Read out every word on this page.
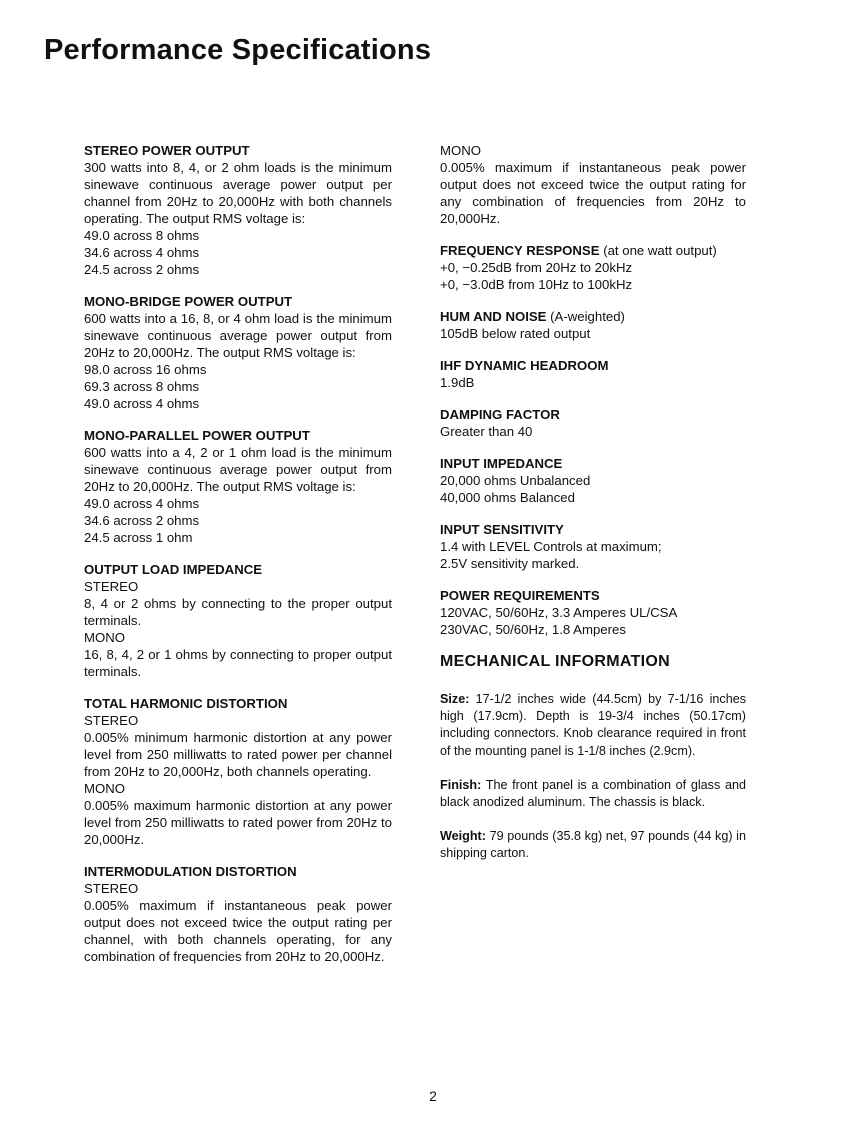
Performance Specifications
STEREO POWER OUTPUT
300 watts into 8, 4, or 2 ohm loads is the minimum sinewave continuous average power output per channel from 20Hz to 20,000Hz with both channels operating. The output RMS voltage is:
49.0 across 8 ohms
34.6 across 4 ohms
24.5 across 2 ohms
MONO-BRIDGE POWER OUTPUT
600 watts into a 16, 8, or 4 ohm load is the minimum sinewave continuous average power output from 20Hz to 20,000Hz. The output RMS voltage is:
98.0 across 16 ohms
69.3 across 8 ohms
49.0 across 4 ohms
MONO-PARALLEL POWER OUTPUT
600 watts into a 4, 2 or 1 ohm load is the minimum sinewave continuous average power output from 20Hz to 20,000Hz. The output RMS voltage is:
49.0 across 4 ohms
34.6 across 2 ohms
24.5 across 1 ohm
OUTPUT LOAD IMPEDANCE
STEREO
8, 4 or 2 ohms by connecting to the proper output terminals.
MONO
16, 8, 4, 2 or 1 ohms by connecting to proper output terminals.
TOTAL HARMONIC DISTORTION
STEREO
0.005% minimum harmonic distortion at any power level from 250 milliwatts to rated power per channel from 20Hz to 20,000Hz, both channels operating.
MONO
0.005% maximum harmonic distortion at any power level from 250 milliwatts to rated power from 20Hz to 20,000Hz.
INTERMODULATION DISTORTION
STEREO
0.005% maximum if instantaneous peak power output does not exceed twice the output rating per channel, with both channels operating, for any combination of frequencies from 20Hz to 20,000Hz.
MONO
0.005% maximum if instantaneous peak power output does not exceed twice the output rating for any combination of frequencies from 20Hz to 20,000Hz.
FREQUENCY RESPONSE (at one watt output)
+0, −0.25dB from 20Hz to 20kHz
+0, −3.0dB from 10Hz to 100kHz
HUM AND NOISE (A-weighted)
105dB below rated output
IHF DYNAMIC HEADROOM
1.9dB
DAMPING FACTOR
Greater than 40
INPUT IMPEDANCE
20,000 ohms Unbalanced
40,000 ohms Balanced
INPUT SENSITIVITY
1.4 with LEVEL Controls at maximum;
2.5V sensitivity marked.
POWER REQUIREMENTS
120VAC, 50/60Hz, 3.3 Amperes UL/CSA
230VAC, 50/60Hz, 1.8 Amperes
MECHANICAL INFORMATION

Size: 17-1/2 inches wide (44.5cm) by 7-1/16 inches high (17.9cm). Depth is 19-3/4 inches (50.17cm) including connectors. Knob clearance required in front of the mounting panel is 1-1/8 inches (2.9cm).

Finish: The front panel is a combination of glass and black anodized aluminum. The chassis is black.

Weight: 79 pounds (35.8 kg) net, 97 pounds (44 kg) in shipping carton.

2
